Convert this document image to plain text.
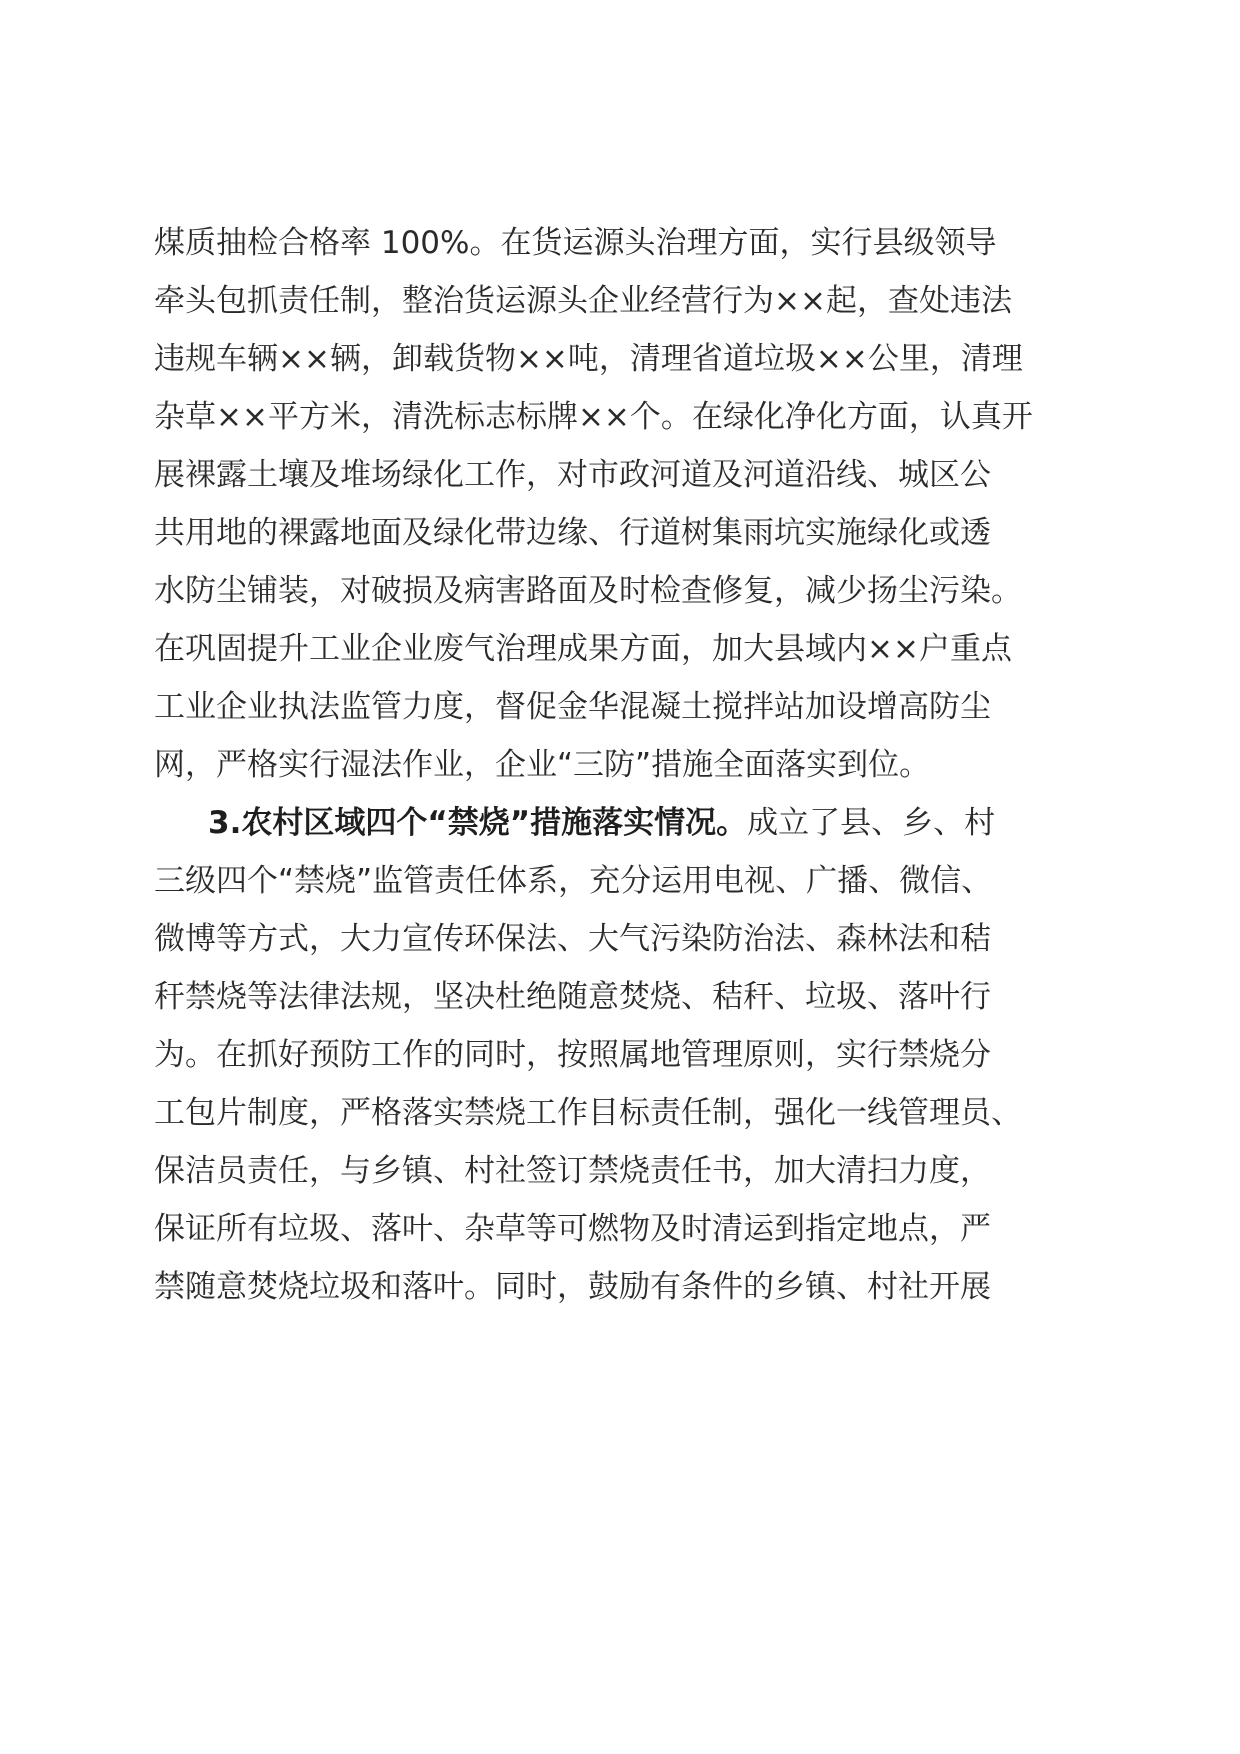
煤质抽检合格率 100%。在货运源头治理方面，实行县级领导
牵头包抓责任制，整治货运源头企业经营行为××起，查处违法
违规车辆××辆，卸载货物××吨，清理省道垃圾××公里，清理
杂草××平方米，清洗标志标牌××个。在绿化净化方面，认真开
展裸露土壤及堆场绿化工作，对市政河道及河道沿线、城区公
共用地的裸露地面及绿化带边缘、行道树集雨坑实施绿化或透
水防尘铺装，对破损及病害路面及时检查修复，减少扬尘污染。
在巩固提升工业企业废气治理成果方面，加大县域内××户重点
工业企业执法监管力度，督促金华混凝土搅拌站加设增高防尘
网，严格实行湿法作业，企业“三防”措施全面落实到位。
3.农村区域四个“禁烧”措施落实情况。成立了县、乡、村
三级四个“禁烧”监管责任体系，充分运用电视、广播、微信、
微博等方式，大力宣传环保法、大气污染防治法、森林法和秸
秆禁烧等法律法规，坚决杜绝随意焚烧、秸秆、垃圾、落叶行
为。在抓好预防工作的同时，按照属地管理原则，实行禁烧分
工包片制度，严格落实禁烧工作目标责任制，强化一线管理员、
保洁员责任，与乡镇、村社签订禁烧责任书，加大清扫力度，
保证所有垃圾、落叶、杂草等可燃物及时清运到指定地点，严
禁随意焚烧垃圾和落叶。同时，鼓励有条件的乡镇、村社开展
